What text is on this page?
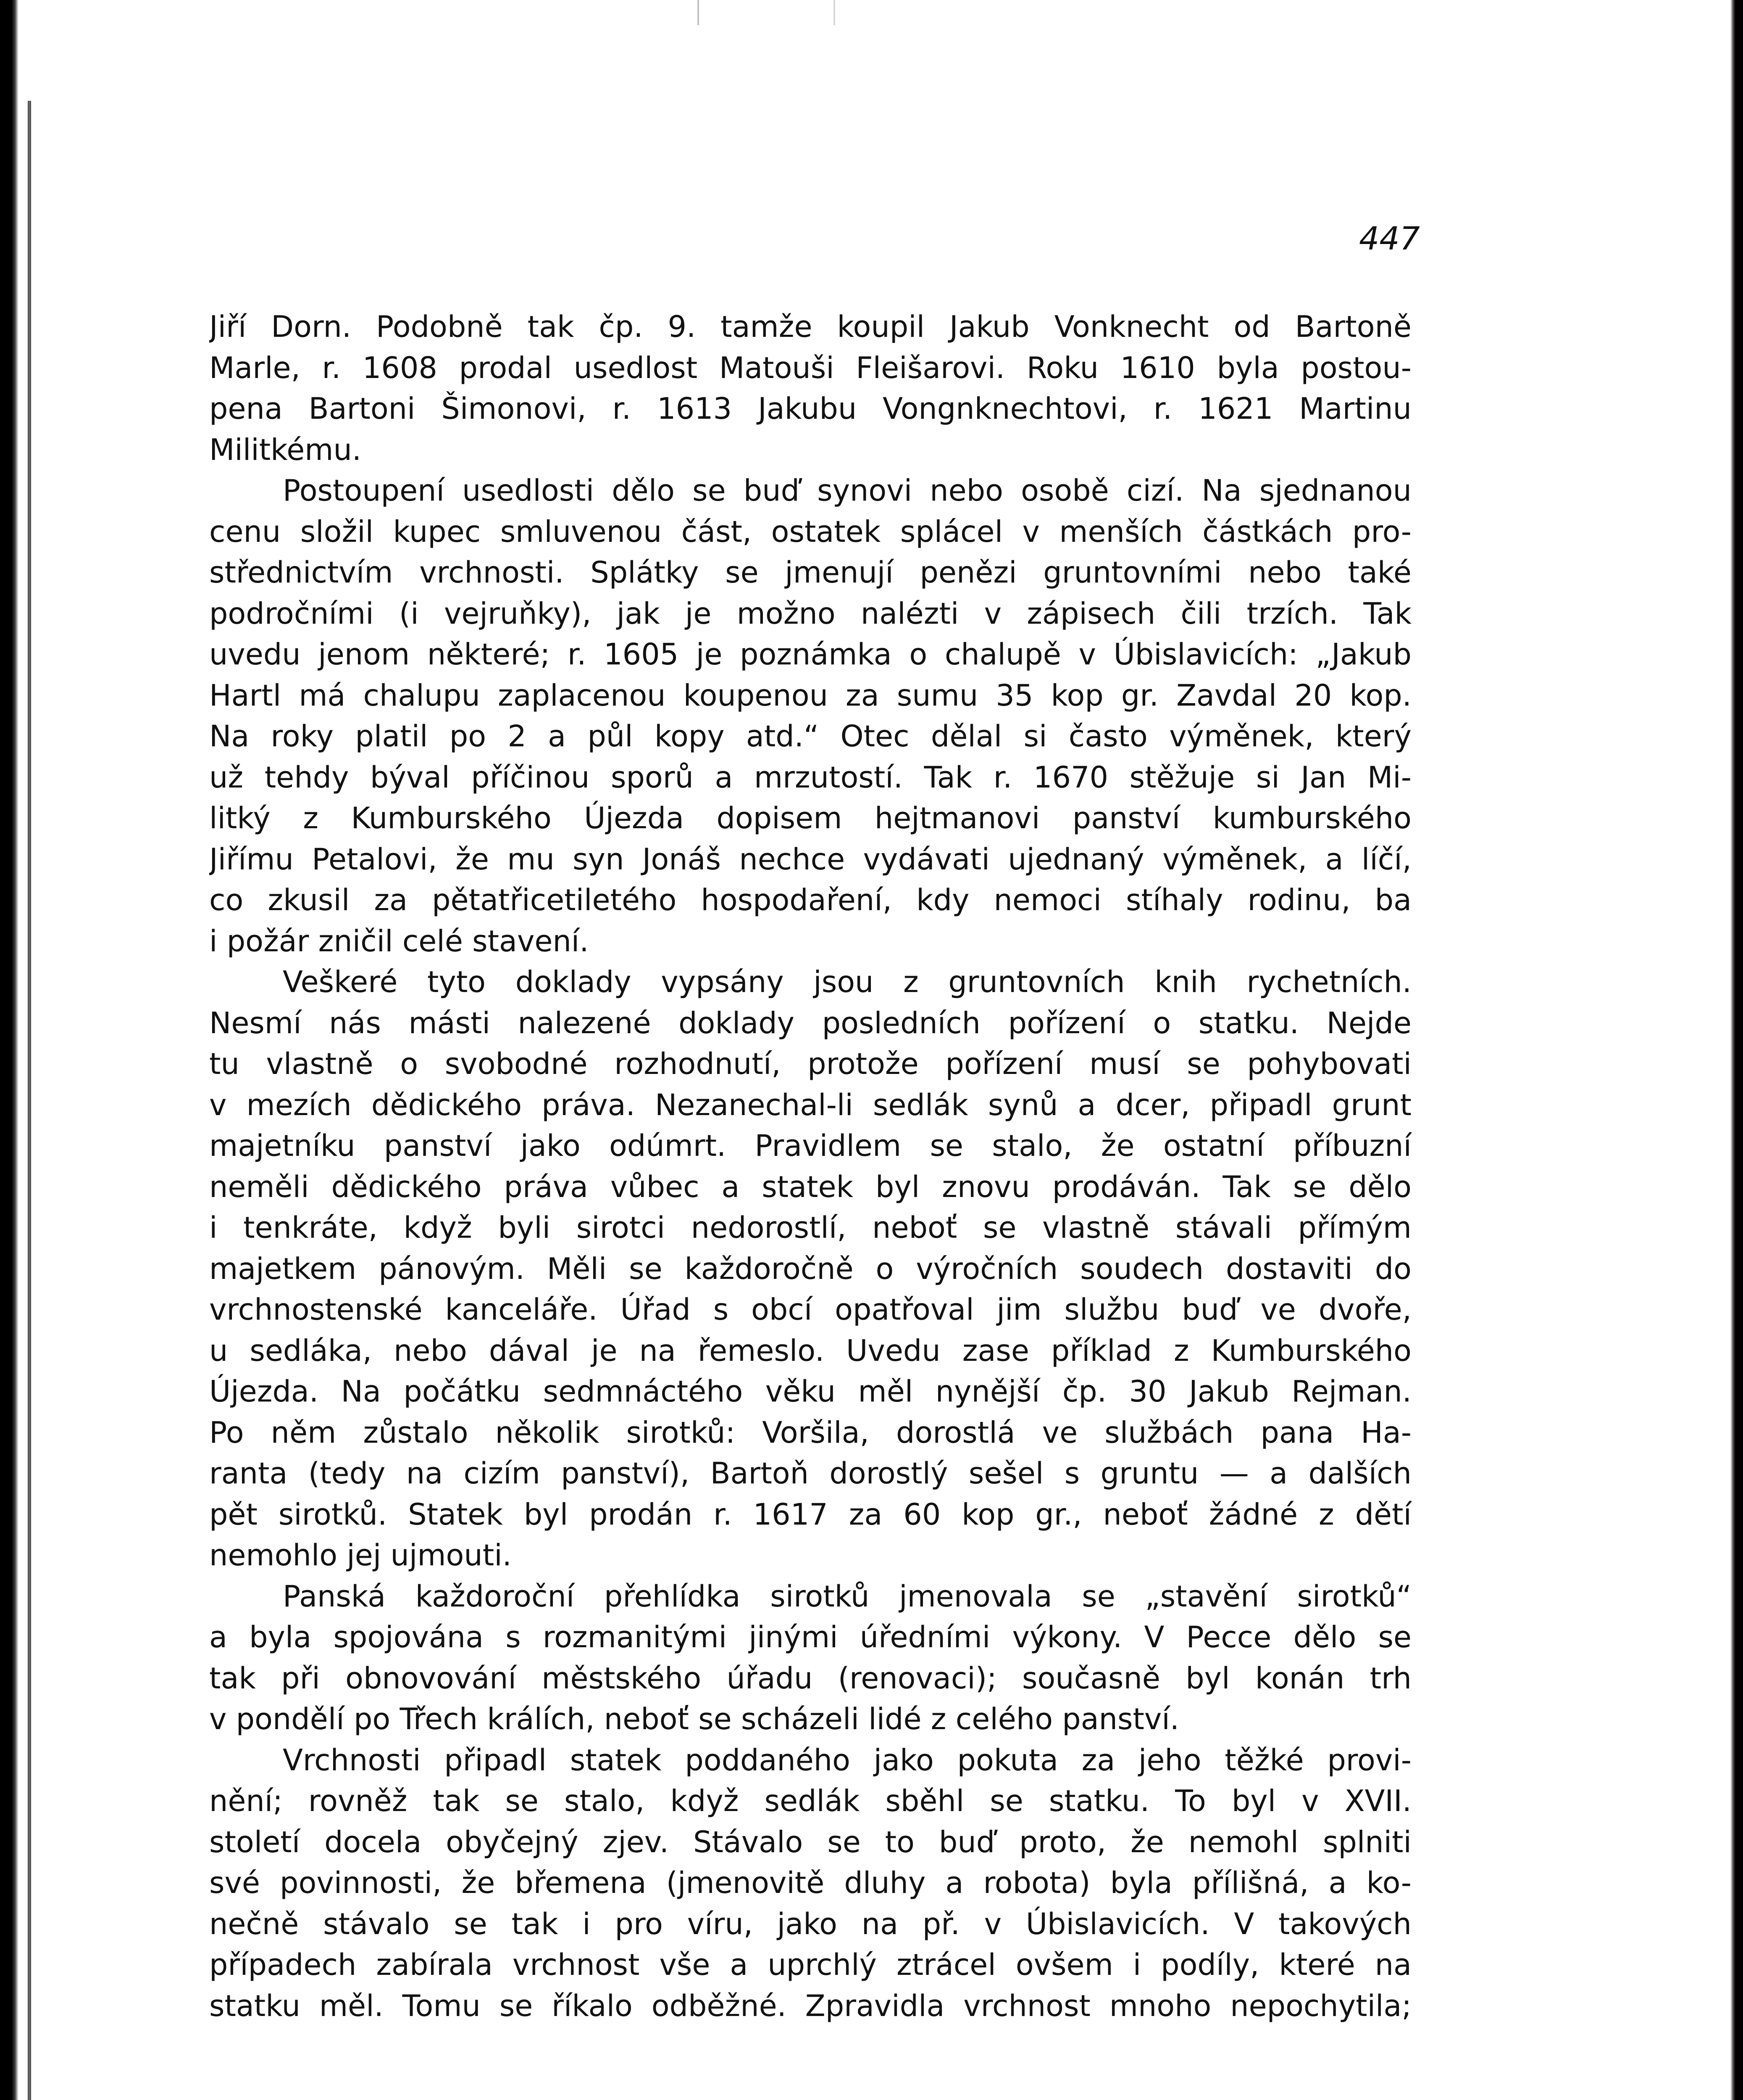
447
Jiří Dorn. Podobně tak čp. 9. tamže koupil Jakub Vonknecht od Bartoně
Marle, r. 1608 prodal usedlost Matouši Fleišarovi. Roku 1610 byla postou-
pena Bartoni Šimonovi, r. 1613 Jakubu Vongnknechtovi, r. 1621 Martinu
Militkému.
Postoupení usedlosti dělo se buď synovi nebo osobě cizí. Na sjednanou
cenu složil kupec smluvenou část, ostatek splácel v menších částkách pro-
střednictvím vrchnosti. Splátky se jmenují penězi gruntovními nebo také
področními (i vejruňky), jak je možno nalézti v zápisech čili trzích. Tak
uvedu jenom některé; r. 1605 je poznámka o chalupě v Úbislavicích: „Jakub
Hartl má chalupu zaplacenou koupenou za sumu 35 kop gr. Zavdal 20 kop.
Na roky platil po 2 a půl kopy atd.“ Otec dělal si často výměnek, který
už tehdy býval příčinou sporů a mrzutostí. Tak r. 1670 stěžuje si Jan Mi-
litký z Kumburského Újezda dopisem hejtmanovi panství kumburského
Jiřímu Petalovi, že mu syn Jonáš nechce vydávati ujednaný výměnek, a líčí,
co zkusil za pětatřicetiletého hospodaření, kdy nemoci stíhaly rodinu, ba
i požár zničil celé stavení.
Veškeré tyto doklady vypsány jsou z gruntovních knih rychetních.
Nesmí nás másti nalezené doklady posledních pořízení o statku. Nejde
tu vlastně o svobodné rozhodnutí, protože pořízení musí se pohybovati
v mezích dědického práva. Nezanechal-li sedlák synů a dcer, připadl grunt
majetníku panství jako odúmrt. Pravidlem se stalo, že ostatní příbuzní
neměli dědického práva vůbec a statek byl znovu prodáván. Tak se dělo
i tenkráte, když byli sirotci nedorostlí, neboť se vlastně stávali přímým
majetkem pánovým. Měli se každoročně o výročních soudech dostaviti do
vrchnostenské kanceláře. Úřad s obcí opatřoval jim službu buď ve dvoře,
u sedláka, nebo dával je na řemeslo. Uvedu zase příklad z Kumburského
Újezda. Na počátku sedmnáctého věku měl nynější čp. 30 Jakub Rejman.
Po něm zůstalo několik sirotků: Voršila, dorostlá ve službách pana Ha-
ranta (tedy na cizím panství), Bartoň dorostlý sešel s gruntu — a dalších
pět sirotků. Statek byl prodán r. 1617 za 60 kop gr., neboť žádné z dětí
nemohlo jej ujmouti.
Panská každoroční přehlídka sirotků jmenovala se „stavění sirotků“
a byla spojována s rozmanitými jinými úředními výkony. V Pecce dělo se
tak při obnovování městského úřadu (renovaci); současně byl konán trh
v pondělí po Třech králích, neboť se scházeli lidé z celého panství.
Vrchnosti připadl statek poddaného jako pokuta za jeho těžké provi-
nění; rovněž tak se stalo, když sedlák sběhl se statku. To byl v XVII.
století docela obyčejný zjev. Stávalo se to buď proto, že nemohl splniti
své povinnosti, že břemena (jmenovitě dluhy a robota) byla přílišná, a ko-
nečně stávalo se tak i pro víru, jako na př. v Úbislavicích. V takových
případech zabírala vrchnost vše a uprchlý ztrácel ovšem i podíly, které na
statku měl. Tomu se říkalo odběžné. Zpravidla vrchnost mnoho nepochytila;
